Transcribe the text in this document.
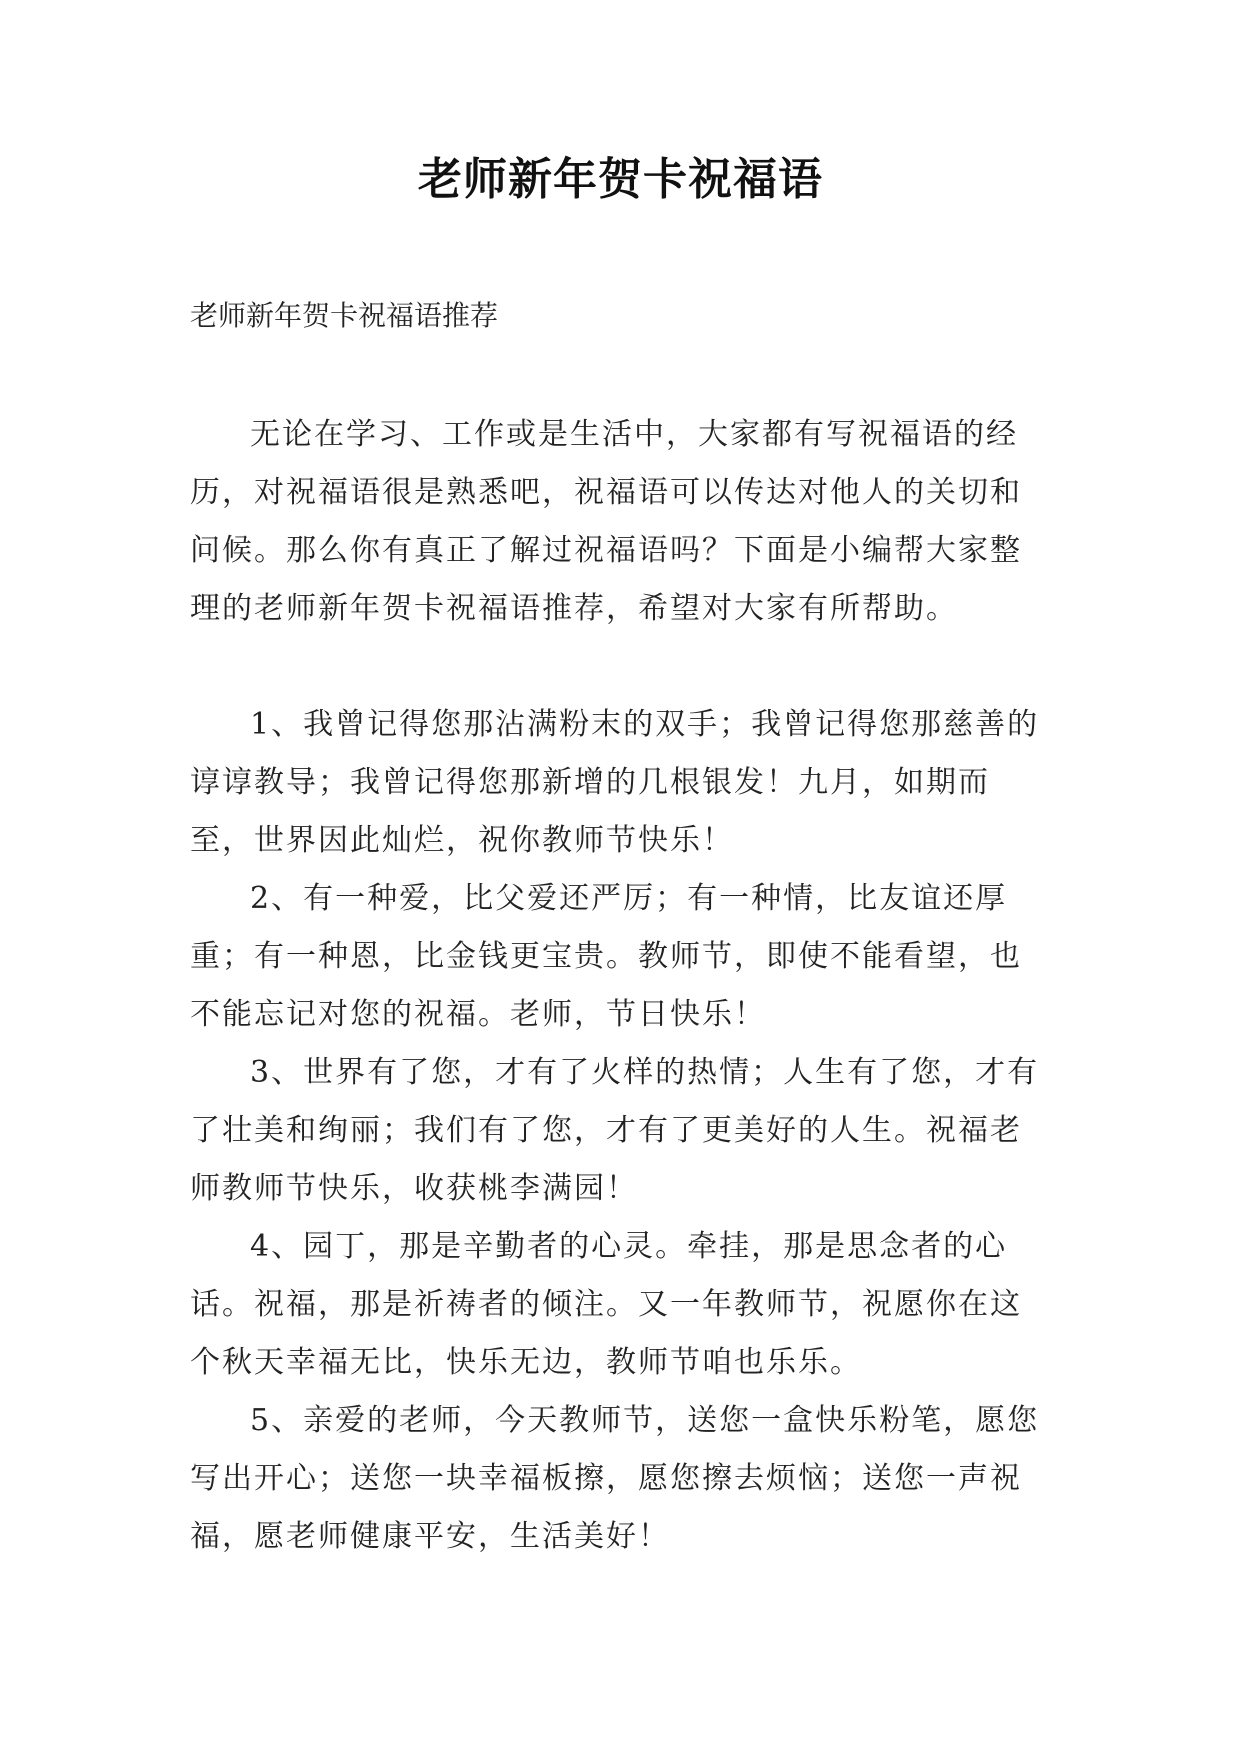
老师新年贺卡祝福语
老师新年贺卡祝福语推荐

无论在学习、工作或是生活中，大家都有写祝福语的经历，对祝福语很是熟悉吧，祝福语可以传达对他人的关切和问候。那么你有真正了解过祝福语吗？下面是小编帮大家整理的老师新年贺卡祝福语推荐，希望对大家有所帮助。

1、我曾记得您那沾满粉末的双手；我曾记得您那慈善的谆谆教导；我曾记得您那新增的几根银发！九月，如期而至，世界因此灿烂，祝你教师节快乐！

2、有一种爱，比父爱还严厉；有一种情，比友谊还厚重；有一种恩，比金钱更宝贵。教师节，即使不能看望，也不能忘记对您的祝福。老师，节日快乐！

3、世界有了您，才有了火样的热情；人生有了您，才有了壮美和绚丽；我们有了您，才有了更美好的人生。祝福老师教师节快乐，收获桃李满园！

4、园丁，那是辛勤者的心灵。牵挂，那是思念者的心话。祝福，那是祈祷者的倾注。又一年教师节，祝愿你在这个秋天幸福无比，快乐无边，教师节咱也乐乐。

5、亲爱的老师，今天教师节，送您一盒快乐粉笔，愿您写出开心；送您一块幸福板擦，愿您擦去烦恼；送您一声祝福，愿老师健康平安，生活美好！
